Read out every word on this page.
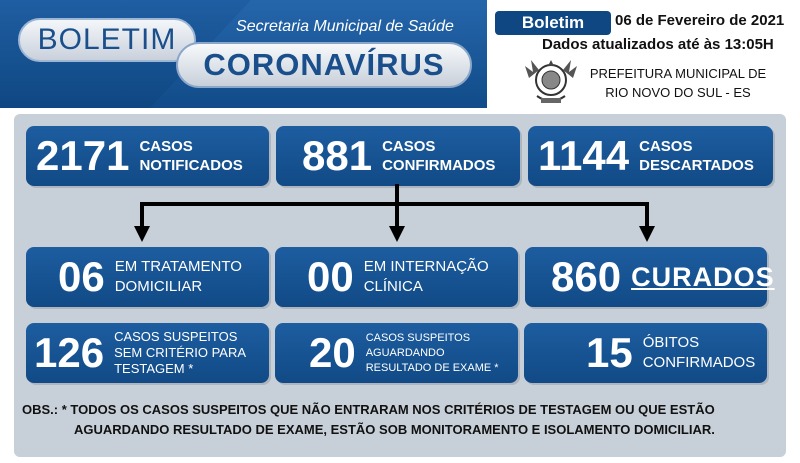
BOLETIM	Secretaria Municipal de Saúde
CORONAVÍRUS
Boletim	06 de Fevereiro de 2021
Dados atualizados até às 13:05H
PREFEITURA MUNICIPAL DE
RIO NOVO DO SUL - ES
2171 CASOS
NOTIFICADOS 881 CASOS
CONFIRMADOS 1144 CASOS
DESCARTADOS
06 EM TRATAMENTO
DOMICILIAR	00 EM INTERNAÇÃO
CLÍNICA	860 CURADOS
126 CASOS SUSPEITOS
SEM CRITÉRIO PARA
TESTAGEM *	20 CASOS SUSPEITOS
AGUARDANDO
RESULTADO DE EXAME * 15 ÓBITOS
CONFIRMADOS
OBS.: * TODOS OS CASOS SUSPEITOS QUE NÃO ENTRARAM NOS CRITÉRIOS DE TESTAGEM OU QUE ESTÃO
AGUARDANDO RESULTADO DE EXAME, ESTÃO SOB MONITORAMENTO E ISOLAMENTO DOMICILIAR.
